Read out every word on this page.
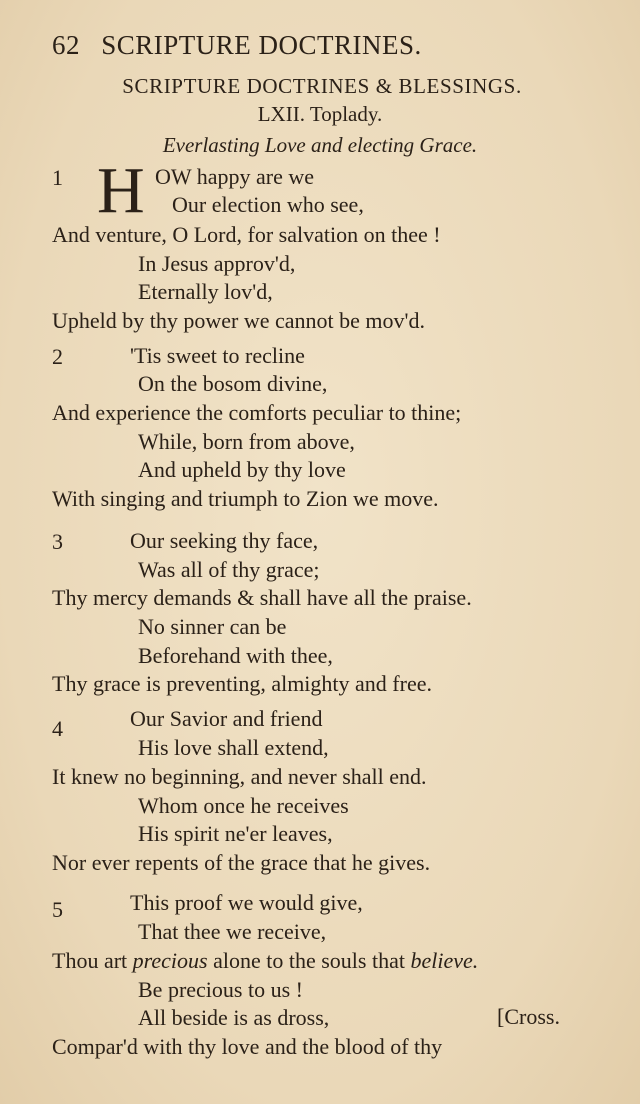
62 SCRIPTURE DOCTRINES.
SCRIPTURE DOCTRINES & BLESSINGS.
LXII. Toplady.
Everlasting Love and electing Grace.
1 H OW happy are we
Our election who see,
And venture, O Lord, for salvation on thee !
In Jesus approv'd,
Eternally lov'd,
Upheld by thy power we cannot be mov'd.
2	'Tis sweet to recline
On the bosom divine,
And experience the comforts peculiar to thine;
While, born from above,
And upheld by thy love
With singing and triumph to Zion we move.
3	Our seeking thy face,
Was all of thy grace;
Thy mercy demands & shall have all the praise.
No sinner can be
Beforehand with thee,
Thy grace is preventing, almighty and free.
4	Our Savior and friend
His love shall extend,
It knew no beginning, and never shall end.
Whom once he receives
His spirit ne'er leaves,
Nor ever repents of the grace that he gives.
5	This proof we would give,
That thee we receive,
Thou art precious alone to the souls that believe.
Be precious to us !
All beside is as dross,	[Cross.
Compar'd with thy love and the blood of thy
